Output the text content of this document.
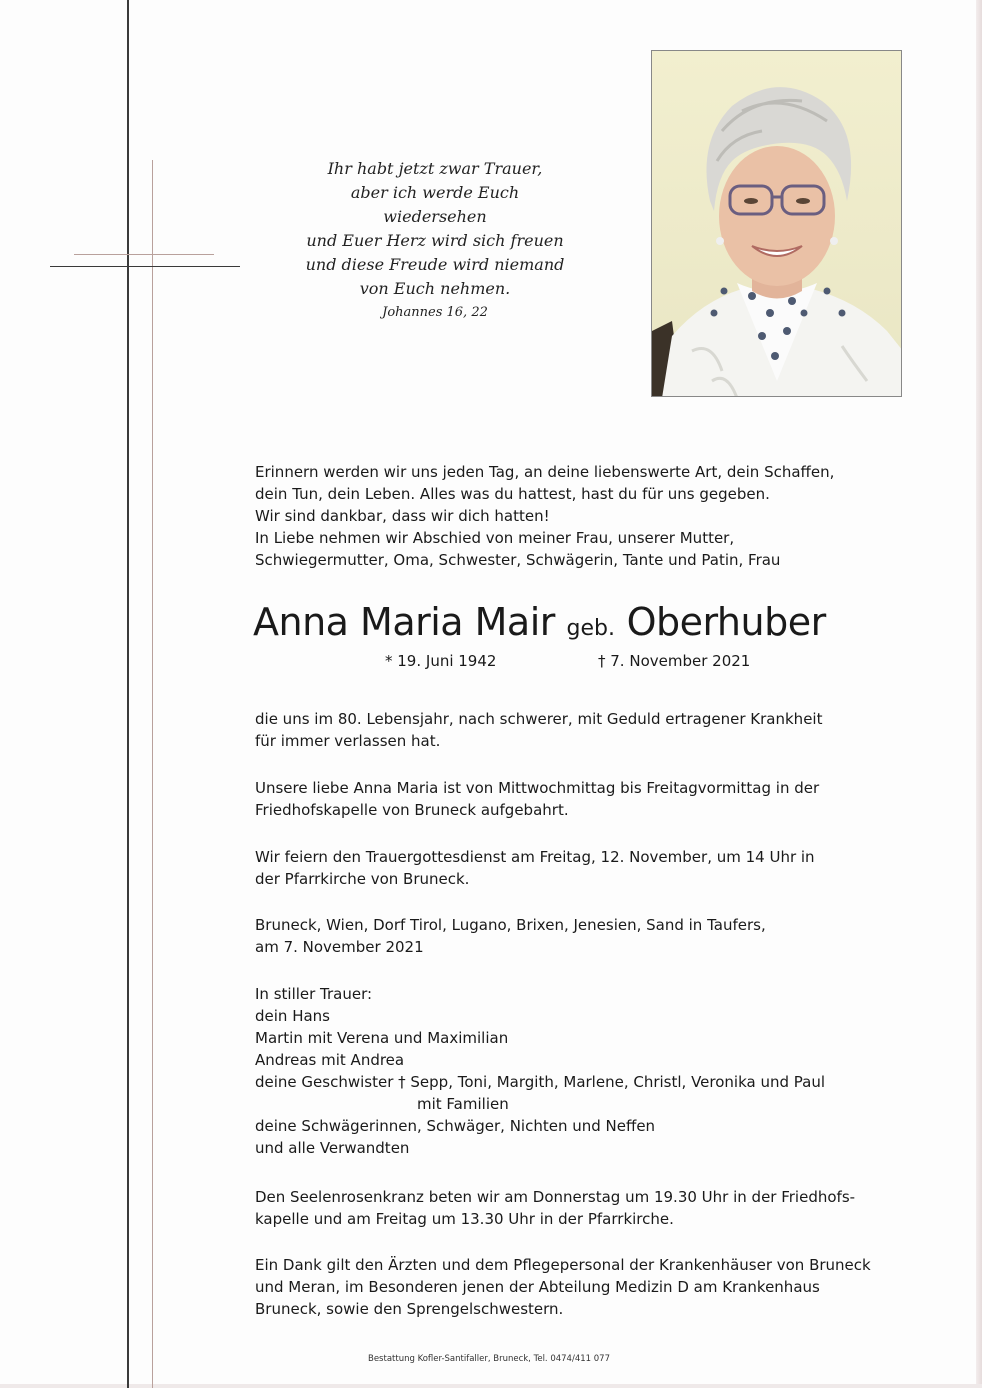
Ihr habt jetzt zwar Trauer,
aber ich werde Euch wiedersehen
und Euer Herz wird sich freuen
und diese Freude wird niemand
von Euch nehmen.
Johannes 16, 22
Erinnern werden wir uns jeden Tag, an deine liebenswerte Art, dein Schaffen,
dein Tun, dein Leben. Alles was du hattest, hast du für uns gegeben.
Wir sind dankbar, dass wir dich hatten!
In Liebe nehmen wir Abschied von meiner Frau, unserer Mutter,
Schwiegermutter, Oma, Schwester, Schwägerin, Tante und Patin, Frau
Anna Maria Mair geb. Oberhuber
* 19. Juni 1942	† 7. November 2021
die uns im 80. Lebensjahr, nach schwerer, mit Geduld ertragener Krankheit
für immer verlassen hat.
Unsere liebe Anna Maria ist von Mittwochmittag bis Freitagvormittag in der
Friedhofskapelle von Bruneck aufgebahrt.
Wir feiern den Trauergottesdienst am Freitag, 12. November, um 14 Uhr in
der Pfarrkirche von Bruneck.
Bruneck, Wien, Dorf Tirol, Lugano, Brixen, Jenesien, Sand in Taufers,
am 7. November 2021
In stiller Trauer:
dein Hans
Martin mit Verena und Maximilian
Andreas mit Andrea
deine Geschwister † Sepp, Toni, Margith, Marlene, Christl, Veronika und Paul
mit Familien
deine Schwägerinnen, Schwäger, Nichten und Neffen
und alle Verwandten
Den Seelenrosenkranz beten wir am Donnerstag um 19.30 Uhr in der Friedhofs-
kapelle und am Freitag um 13.30 Uhr in der Pfarrkirche.
Ein Dank gilt den Ärzten und dem Pflegepersonal der Krankenhäuser von Bruneck
und Meran, im Besonderen jenen der Abteilung Medizin D am Krankenhaus
Bruneck, sowie den Sprengelschwestern.
Bestattung Kofler-Santifaller, Bruneck, Tel. 0474/411 077
